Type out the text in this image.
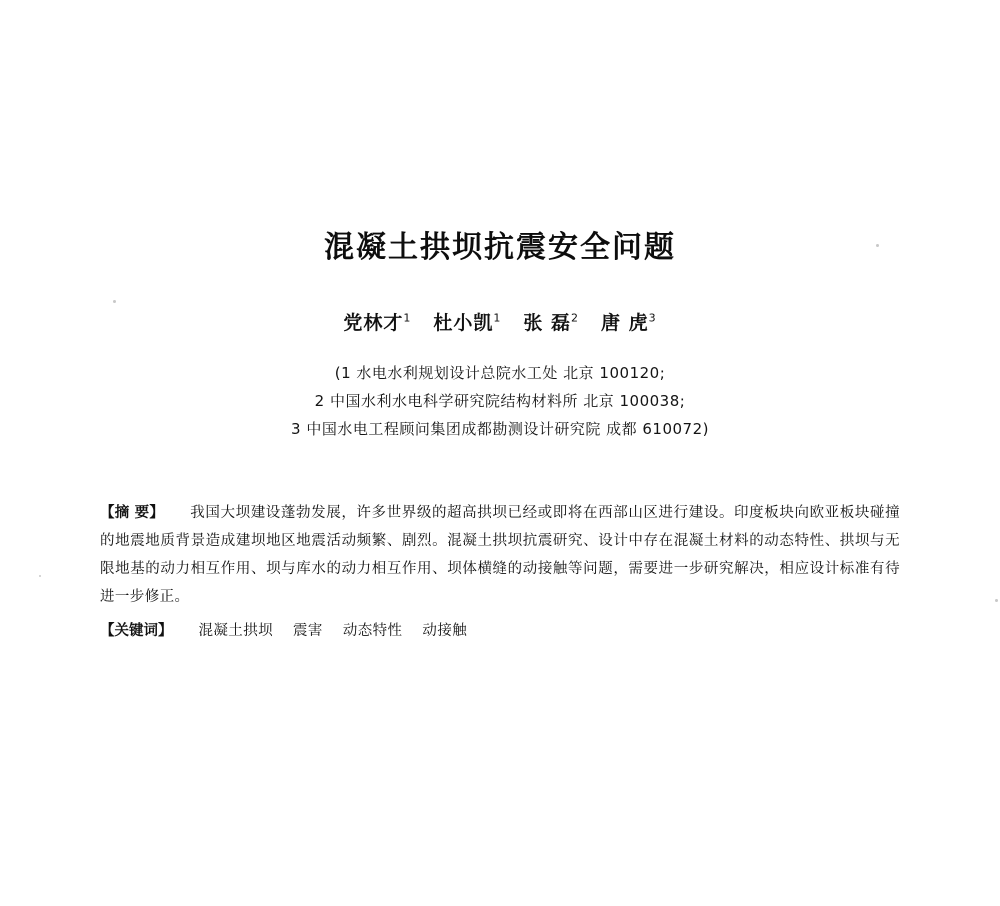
混凝土拱坝抗震安全问题
党林才$^1$ 杜小凯$^1$ 张 磊$^2$ 唐 虎$^3$
(1 水电水利规划设计总院水工处 北京 100120;
2 中国水利水电科学研究院结构材料所 北京 100038;
3 中国水电工程顾问集团成都勘测设计研究院 成都 610072)
【摘 要】 我国大坝建设蓬勃发展，许多世界级的超高拱坝已经或即将在西部山区进行建设。印度板块向欧亚板块碰撞的地震地质背景造成建坝地区地震活动频繁、剧烈。混凝土拱坝抗震研究、设计中存在混凝土材料的动态特性、拱坝与无限地基的动力相互作用、坝与库水的动力相互作用、坝体横缝的动接触等问题，需要进一步研究解决，相应设计标准有待进一步修正。
【关键词】 混凝土拱坝 震害 动态特性 动接触
